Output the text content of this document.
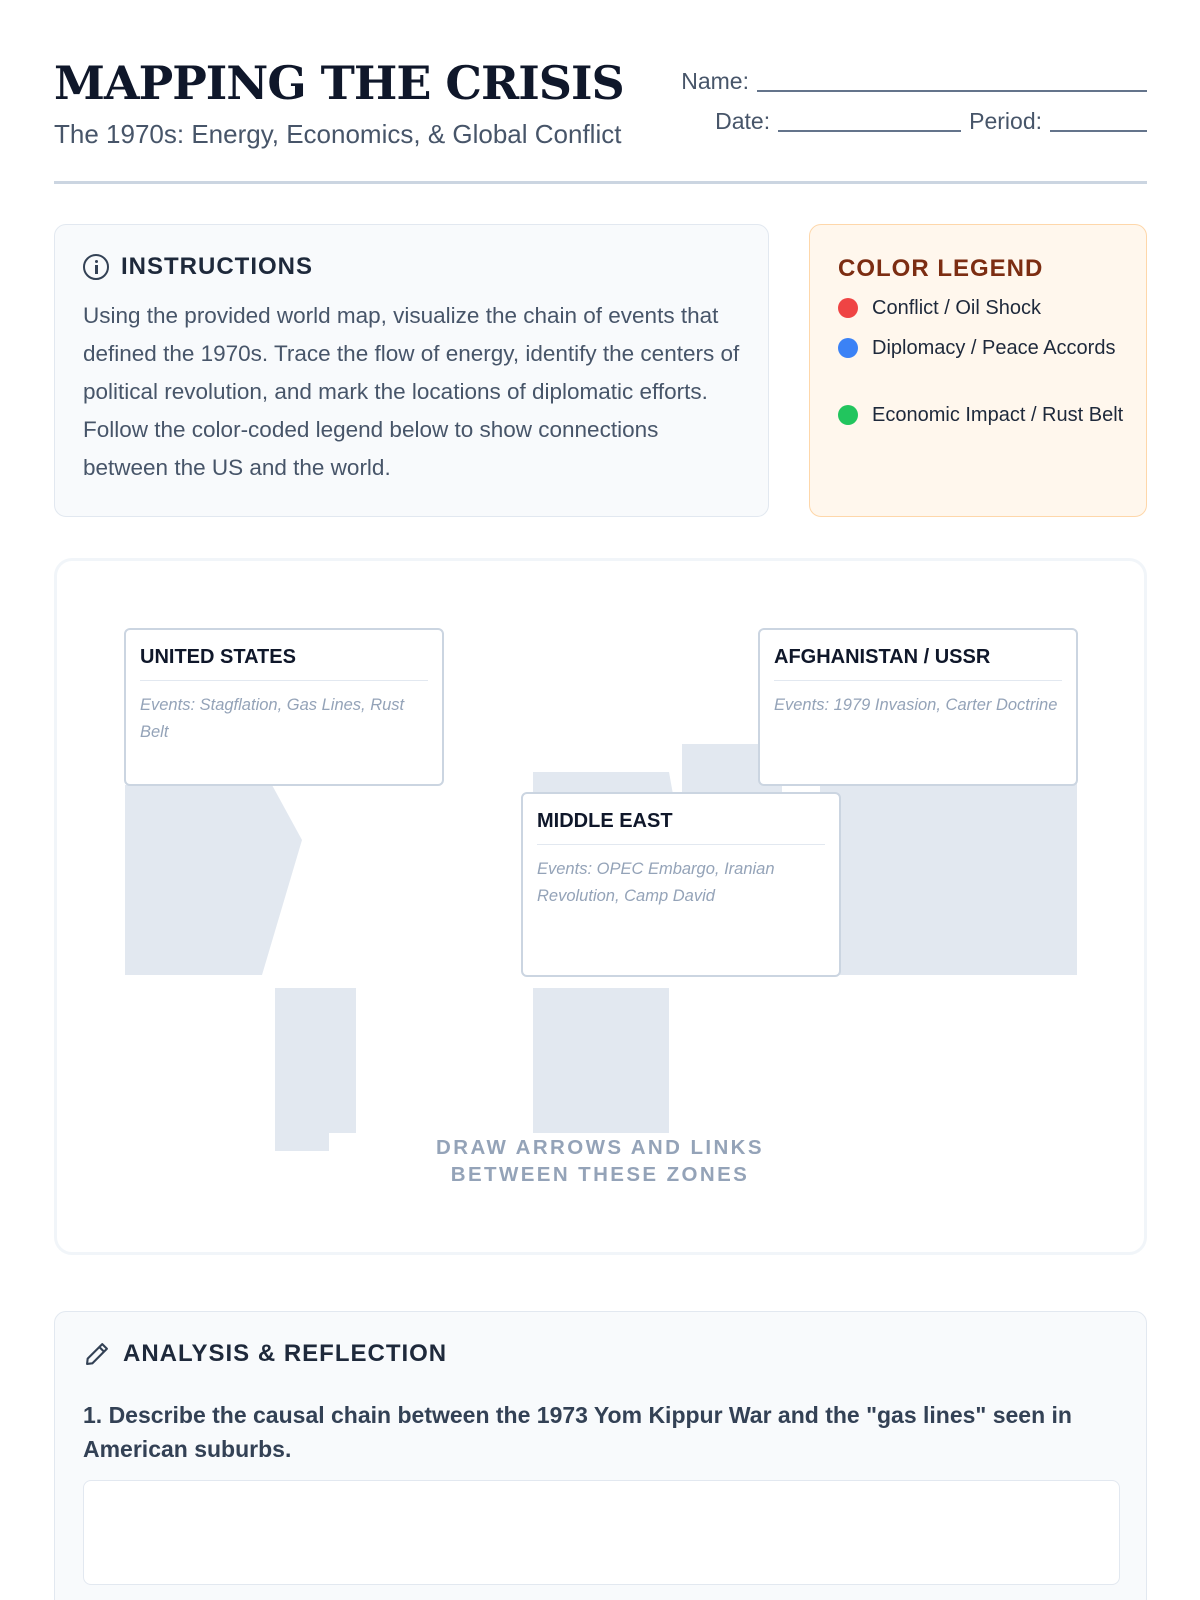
MAPPING THE CRISIS
The 1970s: Energy, Economics, & Global Conflict
Name:
Date:	Period:
INSTRUCTIONS
Using the provided world map, visualize the chain of events that defined the 1970s. Trace the flow of energy, identify the centers of political revolution, and mark the locations of diplomatic efforts. Follow the color-coded legend below to show connections between the US and the world.
COLOR LEGEND
Conflict / Oil Shock
Diplomacy / Peace Accords
Economic Impact / Rust Belt
UNITED STATES
Events: Stagflation, Gas Lines, Rust Belt
AFGHANISTAN / USSR
Events: 1979 Invasion, Carter Doctrine
MIDDLE EAST
Events: OPEC Embargo, Iranian Revolution, Camp David
DRAW ARROWS AND LINKS BETWEEN THESE ZONES
ANALYSIS & REFLECTION
1. Describe the causal chain between the 1973 Yom Kippur War and the "gas lines" seen in American suburbs.
